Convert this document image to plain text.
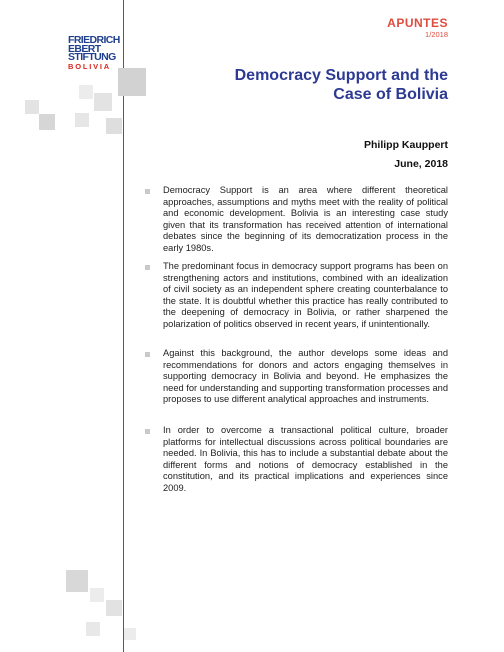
FRIEDRICH
EBERT
STIFTUNG
BOLIVIA
APUNTES
1/2018
Democracy Support and the
Case of Bolivia
Philipp Kauppert
June, 2018
Democracy Support is an area where different theoretical approaches, assumptions and myths meet with the reality of political and economic development. Bolivia is an interesting case study given that its transformation has received attention of international debates since the beginning of its democratization process in the early 1980s.
The predominant focus in democracy support programs has been on strengthening actors and institutions, combined with an idealization of civil society as an independent sphere creating counterbalance to the state. It is doubtful whether this practice has really contributed to the deepening of democracy in Bolivia, or rather sharpened the polarization of politics observed in recent years, if unintentionally.
Against this background, the author develops some ideas and recommendations for donors and actors engaging themselves in supporting democracy in Bolivia and beyond. He emphasizes the need for understanding and supporting transformation processes and proposes to use different analytical approaches and instruments.
In order to overcome a transactional political culture, broader platforms for intellectual discussions across political boundaries are needed. In Bolivia, this has to include a substantial debate about the different forms and notions of democracy established in the constitution, and its practical implications and experiences since 2009.
